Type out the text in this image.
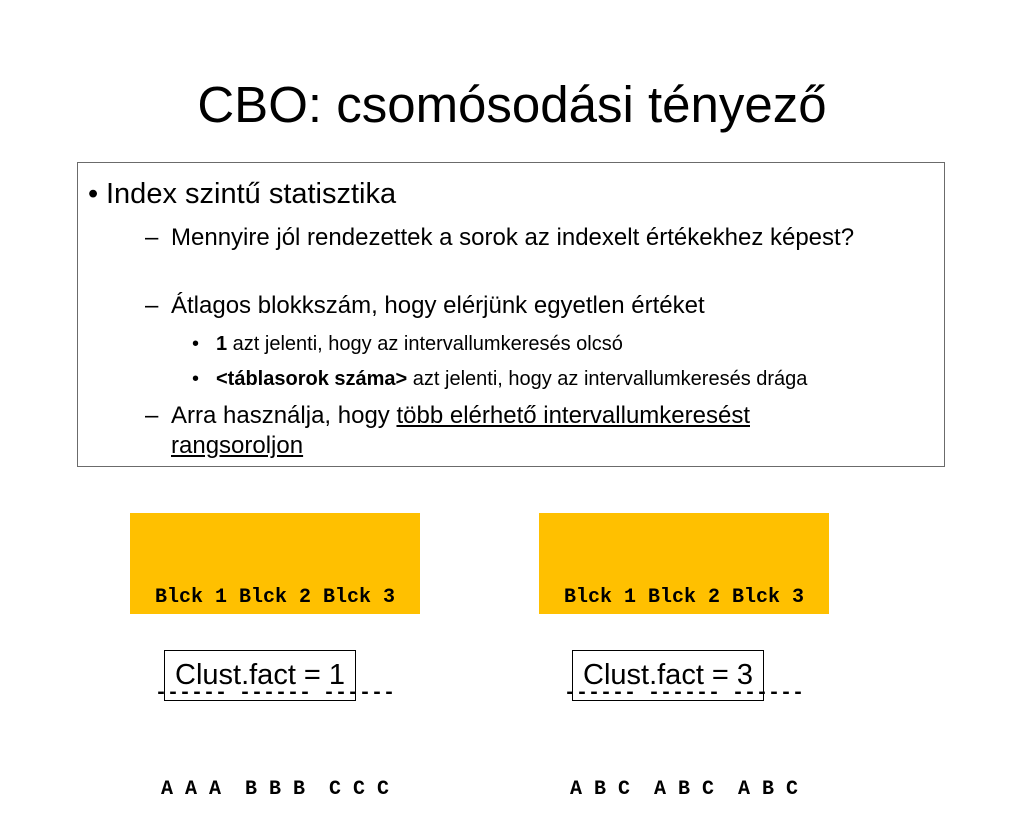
CBO: csomósodási tényező
• Index szintű statisztika
– Mennyire jól rendezettek a sorok az indexelt értékekhez képest?
– Átlagos blokkszám, hogy elérjünk egyetlen értéket
• 1 azt jelenti, hogy az intervallumkeresés olcsó
• <táblasorok száma> azt jelenti, hogy az intervallumkeresés drága
– Arra használja, hogy több elérhető intervallumkeresést rangsoroljon

Blck 1 Blck 2 Blck 3

------ ------ ------

A A A  B B B  C C C

Blck 1 Blck 2 Blck 3

------ ------ ------

A B C  A B C  A B C

Clust.fact = 1	Clust.fact = 3
